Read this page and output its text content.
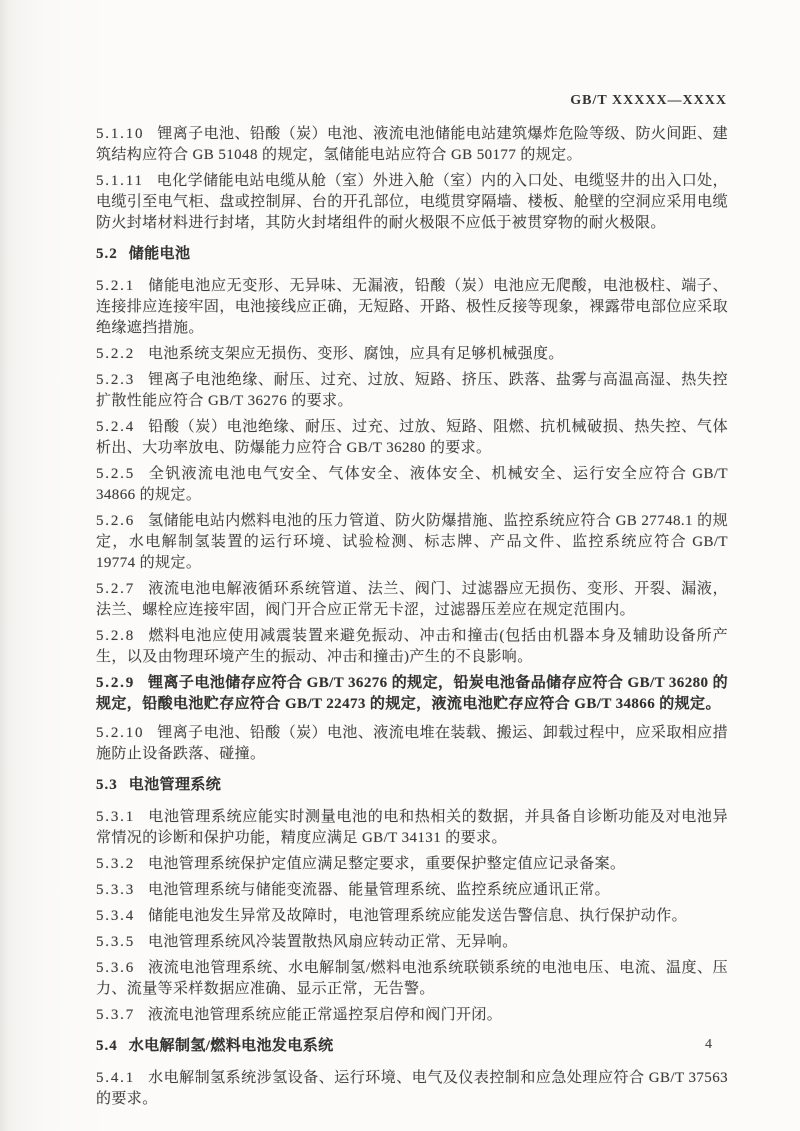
GB/T XXXXX—XXXX

5.1.10 锂离子电池、铅酸（炭）电池、液流电池储能电站建筑爆炸危险等级、防火间距、建筑结构应符合 GB 51048 的规定，氢储能电站应符合 GB 50177 的规定。

5.1.11 电化学储能电站电缆从舱（室）外进入舱（室）内的入口处、电缆竖井的出入口处，电缆引至电气柜、盘或控制屏、台的开孔部位，电缆贯穿隔墙、楼板、舱壁的空洞应采用电缆防火封堵材料进行封堵，其防火封堵组件的耐火极限不应低于被贯穿物的耐火极限。

5.2 储能电池

5.2.1 储能电池应无变形、无异味、无漏液，铅酸（炭）电池应无爬酸，电池极柱、端子、连接排应连接牢固，电池接线应正确，无短路、开路、极性反接等现象，裸露带电部位应采取绝缘遮挡措施。

5.2.2 电池系统支架应无损伤、变形、腐蚀，应具有足够机械强度。

5.2.3 锂离子电池绝缘、耐压、过充、过放、短路、挤压、跌落、盐雾与高温高湿、热失控扩散性能应符合 GB/T 36276 的要求。

5.2.4 铅酸（炭）电池绝缘、耐压、过充、过放、短路、阻燃、抗机械破损、热失控、气体析出、大功率放电、防爆能力应符合 GB/T 36280 的要求。

5.2.5 全钒液流电池电气安全、气体安全、液体安全、机械安全、运行安全应符合 GB/T 34866 的规定。

5.2.6 氢储能电站内燃料电池的压力管道、防火防爆措施、监控系统应符合 GB 27748.1 的规定，水电解制氢装置的运行环境、试验检测、标志牌、产品文件、监控系统应符合 GB/T 19774 的规定。

5.2.7 液流电池电解液循环系统管道、法兰、阀门、过滤器应无损伤、变形、开裂、漏液，法兰、螺栓应连接牢固，阀门开合应正常无卡涩，过滤器压差应在规定范围内。

5.2.8 燃料电池应使用减震装置来避免振动、冲击和撞击(包括由机器本身及辅助设备所产生，以及由物理环境产生的振动、冲击和撞击)产生的不良影响。

5.2.9 锂离子电池储存应符合 GB/T 36276 的规定，铅炭电池备品储存应符合 GB/T 36280 的规定，铅酸电池贮存应符合 GB/T 22473 的规定，液流电池贮存应符合 GB/T 34866 的规定。

5.2.10 锂离子电池、铅酸（炭）电池、液流电堆在装载、搬运、卸载过程中，应采取相应措施防止设备跌落、碰撞。

5.3 电池管理系统

5.3.1 电池管理系统应能实时测量电池的电和热相关的数据，并具备自诊断功能及对电池异常情况的诊断和保护功能，精度应满足 GB/T 34131 的要求。

5.3.2 电池管理系统保护定值应满足整定要求，重要保护整定值应记录备案。

5.3.3 电池管理系统与储能变流器、能量管理系统、监控系统应通讯正常。

5.3.4 储能电池发生异常及故障时，电池管理系统应能发送告警信息、执行保护动作。

5.3.5 电池管理系统风冷装置散热风扇应转动正常、无异响。

5.3.6 液流电池管理系统、水电解制氢/燃料电池系统联锁系统的电池电压、电流、温度、压力、流量等采样数据应准确、显示正常，无告警。

5.3.7 液流电池管理系统应能正常遥控泵启停和阀门开闭。

5.4 水电解制氢/燃料电池发电系统

5.4.1 水电解制氢系统涉氢设备、运行环境、电气及仪表控制和应急处理应符合 GB/T 37563 的要求。

4
